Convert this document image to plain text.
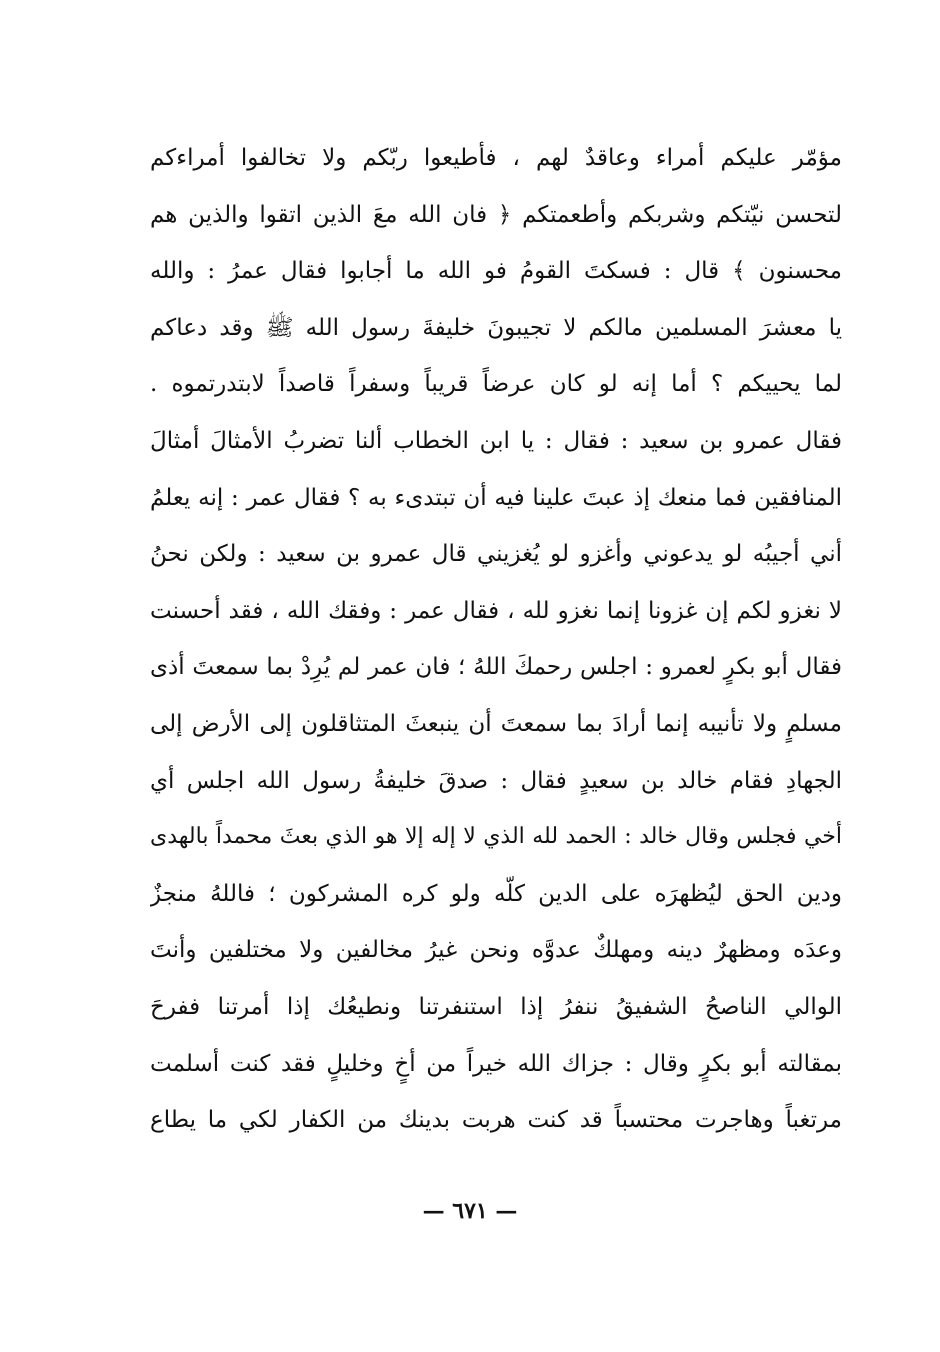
مؤمّر عليكم أمراء وعاقدٌ لهم ، فأطيعوا ربّكم ولا تخالفوا أمراءكم
لتحسن نيّتكم وشربكم وأطعمتكم ﴿ فان الله معَ الذين اتقوا والذين هم
محسنون ﴾ قال : فسكتَ القومُ فو الله ما أجابوا فقال عمرُ : والله
يا معشرَ المسلمين مالكم لا تجيبونَ خليفةَ رسول الله ﷺ وقد دعاكم
لما يحييكم ؟ أما إنه لو كان عرضاً قريباً وسفراً قاصداً لابتدرتموه .
فقال عمرو بن سعيد : فقال : يا ابن الخطاب ألنا تضربُ الأمثالَ أمثالَ
المنافقين فما منعك إذ عبتَ علينا فيه أن تبتدىء به ؟ فقال عمر : إنه يعلمُ
أني أجيبُه لو يدعوني وأغزو لو يُغزيني قال عمرو بن سعيد : ولكن نحنُ
لا نغزو لكم إن غزونا إنما نغزو لله ، فقال عمر : وفقك الله ، فقد أحسنت
فقال أبو بكرٍ لعمرو : اجلس رحمكَ اللهُ ؛ فان عمر لم يُرِدْ بما سمعتَ أذى
مسلمٍ ولا تأنيبه إنما أرادَ بما سمعتَ أن ينبعثَ المتثاقلون إلى الأرض إلى
الجهادِ فقام خالد بن سعيدٍ فقال : صدقَ خليفةُ رسول الله اجلس أي
أخي فجلس وقال خالد : الحمد لله الذي لا إله إلا هو الذي بعثَ محمداً بالهدى
ودين الحق ليُظهرَه على الدين كلّه ولو كره المشركون ؛ فاللهُ منجزٌ
وعدَه ومظهرٌ دينه ومهلكٌ عدوَّه ونحن غيرُ مخالفين ولا مختلفين وأنتَ
الوالي الناصحُ الشفيقُ ننفرُ إذا استنفرتنا ونطيعُك إذا أمرتنا ففرحَ
بمقالته أبو بكرٍ وقال : جزاك الله خيراً من أخٍ وخليلٍ فقد كنت أسلمت
مرتغباً وهاجرت محتسباً قد كنت هربت بدينك من الكفار لكي ما يطاع
— ٦٧١ —
